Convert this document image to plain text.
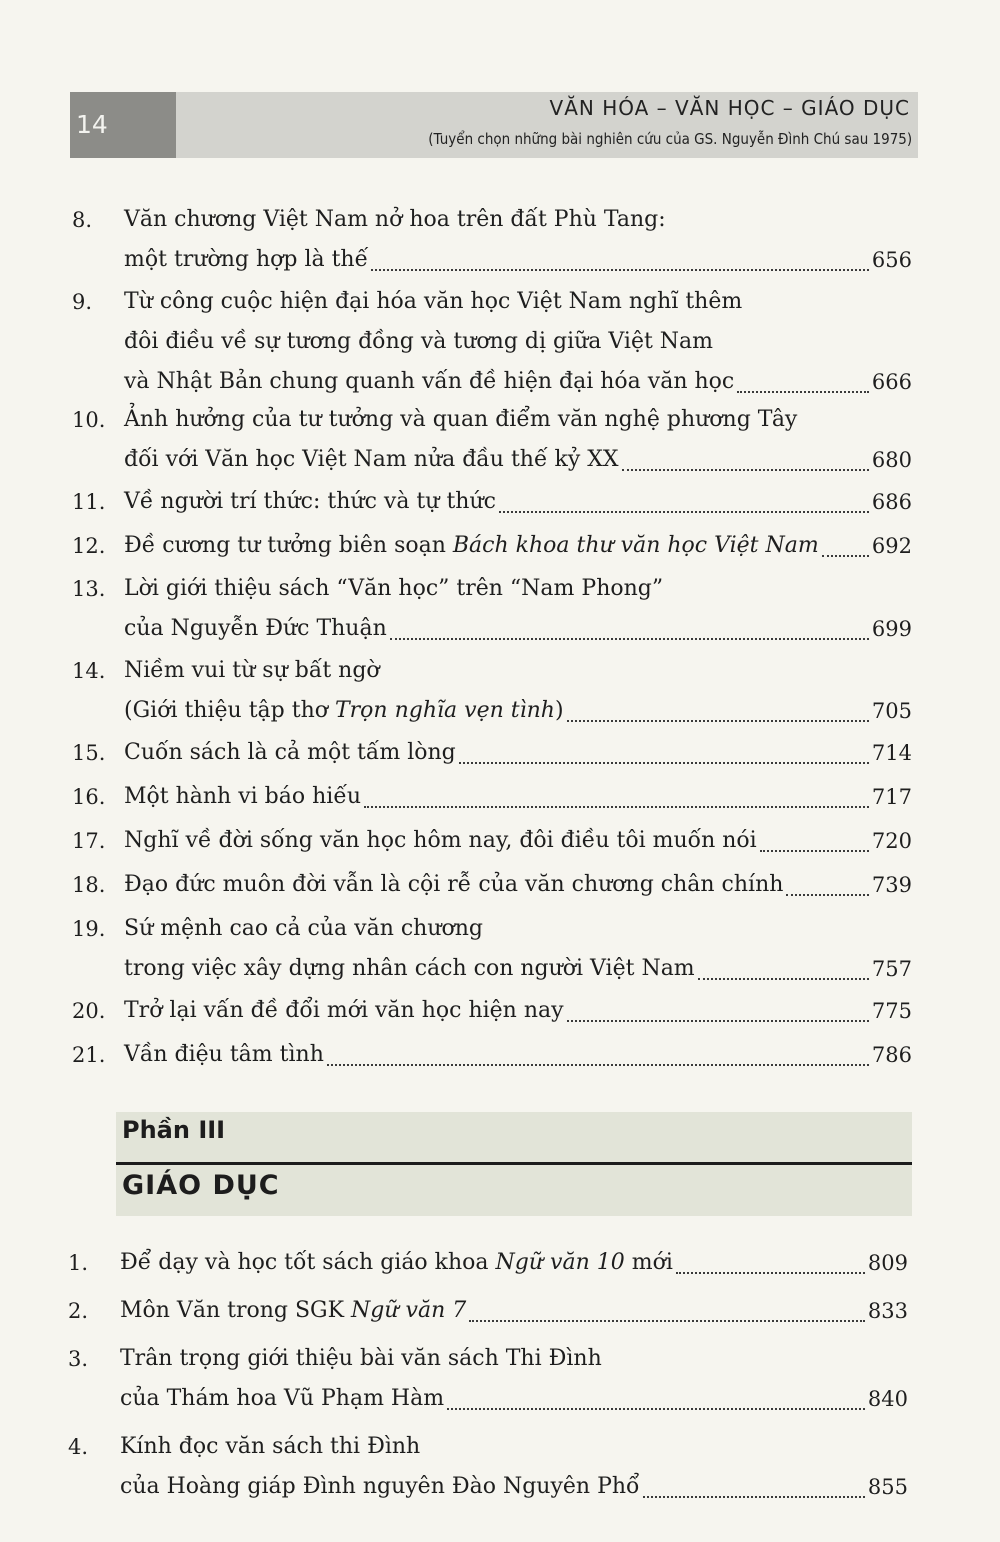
14
VĂN HÓA – VĂN HỌC – GIÁO DỤC
(Tuyển chọn những bài nghiên cứu của GS. Nguyễn Đình Chú sau 1975)
8. Văn chương Việt Nam nở hoa trên đất Phù Tang:
một trường hợp là thế	656
9. Từ công cuộc hiện đại hóa văn học Việt Nam nghĩ thêm
đôi điều về sự tương đồng và tương dị giữa Việt Nam
và Nhật Bản chung quanh vấn đề hiện đại hóa văn học	666
10. Ảnh hưởng của tư tưởng và quan điểm văn nghệ phương Tây
đối với Văn học Việt Nam nửa đầu thế kỷ XX	680
11. Về người trí thức: thức và tự thức	686
12. Đề cương tư tưởng biên soạn Bách khoa thư văn học Việt Nam	692
13. Lời giới thiệu sách “Văn học” trên “Nam Phong”
của Nguyễn Đức Thuận	699
14. Niềm vui từ sự bất ngờ
(Giới thiệu tập thơ Trọn nghĩa vẹn tình)	705
15. Cuốn sách là cả một tấm lòng	714
16. Một hành vi báo hiếu	717
17. Nghĩ về đời sống văn học hôm nay, đôi điều tôi muốn nói	720
18. Đạo đức muôn đời vẫn là cội rễ của văn chương chân chính	739
19. Sứ mệnh cao cả của văn chương
trong việc xây dựng nhân cách con người Việt Nam	757
20. Trở lại vấn đề đổi mới văn học hiện nay	775
21. Vần điệu tâm tình	786
Phần III
GIÁO DỤC
1. Để dạy và học tốt sách giáo khoa Ngữ văn 10 mới	809
2. Môn Văn trong SGK Ngữ văn 7	833
3. Trân trọng giới thiệu bài văn sách Thi Đình
của Thám hoa Vũ Phạm Hàm	840
4. Kính đọc văn sách thi Đình
của Hoàng giáp Đình nguyên Đào Nguyên Phổ	855
